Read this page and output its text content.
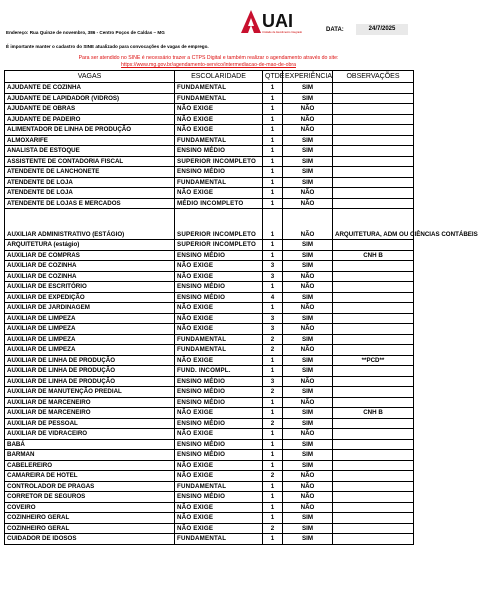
Endereço: Rua Quinze de novembro, 386 - Centro Poços de Caldas – MG
UAI
Unidade de Atendimento Integrado	DATA:	24/7/2025
É importante manter o cadastro do SINE atualizado para convocações de vagas de emprego.
Para ser atendido no SINE é necessário trazer a CTPS Digital e também realizar o agendamento através do site:
https://www.mg.gov.br/agendamento-servico/intermediacao-de-mao-de-obra
VAGAS	ESCOLARIDADE	QTDE	EXPERIÊNCIA	OBSERVAÇÕES
AJUDANTE DE COZINHA	FUNDAMENTAL	1	SIM	
AJUDANTE DE LAPIDADOR (VIDROS)	FUNDAMENTAL	1	SIM	
AJUDANTE DE OBRAS	NÃO EXIGE	1	NÃO	
AJUDANTE DE PADEIRO	NÃO EXIGE	1	NÃO	
ALIMENTADOR DE LINHA DE PRODUÇÃO	NÃO EXIGE	1	NÃO	
ALMOXARIFE	FUNDAMENTAL	1	SIM	
ANALISTA DE ESTOQUE	ENSINO MÉDIO	1	SIM	
ASSISTENTE DE CONTADORIA FISCAL	SUPERIOR INCOMPLETO	1	SIM	
ATENDENTE DE LANCHONETE	ENSINO MÉDIO	1	SIM	
ATENDENTE DE LOJA	FUNDAMENTAL	1	SIM	
ATENDENTE DE LOJA	NÃO EXIGE	1	NÃO	
ATENDENTE DE LOJAS E MERCADOS	MÉDIO INCOMPLETO	1	NÃO	
AUXILIAR ADMINISTRATIVO (ESTÁGIO)	SUPERIOR INCOMPLETO	1	NÃO	ARQUITETURA, ADM OU CIÊNCIAS CONTÁBEIS
ARQUITETURA (estágio)	SUPERIOR INCOMPLETO	1	SIM	
AUXILIAR DE COMPRAS	ENSINO MÉDIO	1	SIM	CNH B
AUXILIAR DE COZINHA	NÃO EXIGE	3	SIM	
AUXILIAR DE COZINHA	NÃO EXIGE	3	NÃO	
AUXILIAR DE ESCRITÓRIO	ENSINO MÉDIO	1	NÃO	
AUXILIAR DE EXPEDIÇÃO	ENSINO MÉDIO	4	SIM	
AUXILIAR DE JARDINAGEM	NÃO EXIGE	1	NÃO	
AUXILIAR DE LIMPEZA	NÃO EXIGE	3	SIM	
AUXILIAR DE LIMPEZA	NÃO EXIGE	3	NÃO	
AUXILIAR DE LIMPEZA	FUNDAMENTAL	2	SIM	
AUXILIAR DE LIMPEZA	FUNDAMENTAL	2	NÃO	
AUXILIAR DE LINHA DE PRODUÇÃO	NÃO EXIGE	1	SIM	**PCD**
AUXILIAR DE LINHA DE PRODUÇÃO	FUND. INCOMPL.	1	SIM	
AUXILIAR DE LINHA DE PRODUÇÃO	ENSINO MÉDIO	3	NÃO	
AUXILIAR DE MANUTENÇÃO PREDIAL	ENSINO MÉDIO	2	SIM	
AUXILIAR DE MARCENEIRO	ENSINO MÉDIO	1	NÃO	
AUXILIAR DE MARCENEIRO	NÃO EXIGE	1	SIM	CNH B
AUXILIAR DE PESSOAL	ENSINO MÉDIO	2	SIM	
AUXILIAR DE VIDRACEIRO	NÃO EXIGE	1	NÃO	
BABÁ	ENSINO MÉDIO	1	SIM	
BARMAN	ENSINO MÉDIO	1	SIM	
CABELEREIRO	NÃO EXIGE	1	SIM	
CAMAREIRA DE HOTEL	NÃO EXIGE	2	NÃO	
CONTROLADOR DE PRAGAS	FUNDAMENTAL	1	NÃO	
CORRETOR DE SEGUROS	ENSINO MÉDIO	1	NÃO	
COVEIRO	NÃO EXIGE	1	NÃO	
COZINHEIRO GERAL	NÃO EXIGE	1	SIM	
COZINHEIRO GERAL	NÃO EXIGE	2	SIM	
CUIDADOR DE IDOSOS	FUNDAMENTAL	1	SIM	
